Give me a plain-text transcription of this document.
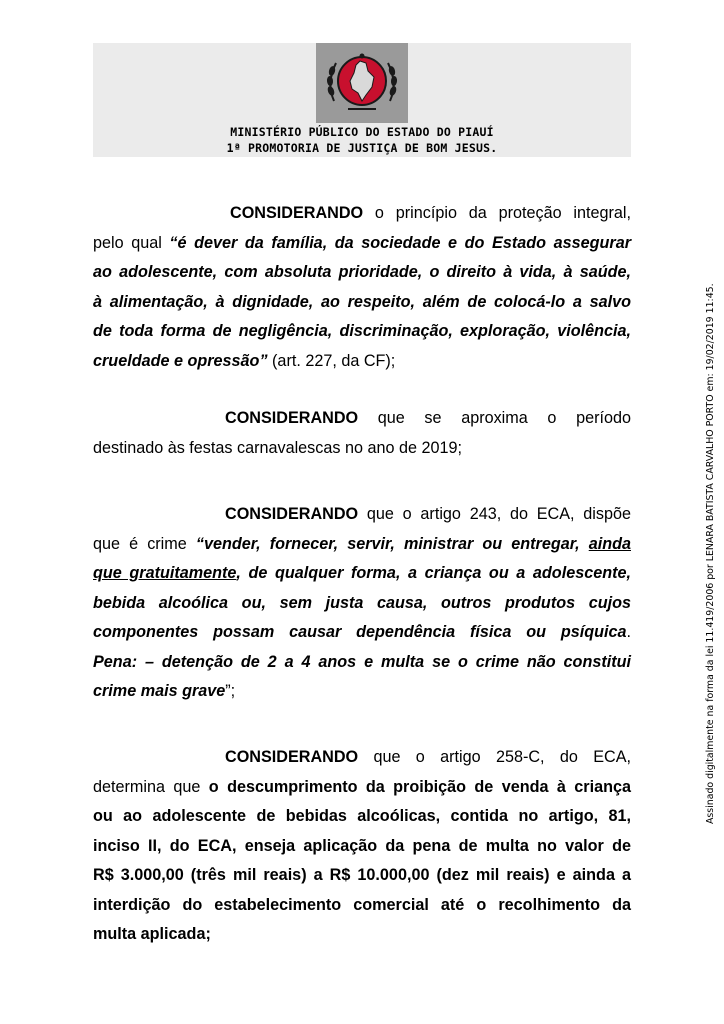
MINISTÉRIO PÚBLICO DO ESTADO DO PIAUÍ
1ª PROMOTORIA DE JUSTIÇA DE BOM JESUS.
Assinado digitalmente na forma da lei 11.419/2006 por LENARA BATISTA CARVALHO PORTO em: 19/02/2019 11:45.
CONSIDERANDO o princípio da proteção integral,
pelo qual “é dever da família, da sociedade e do Estado assegurar
ao adolescente, com absoluta prioridade, o direito à vida, à saúde,
à alimentação, à dignidade, ao respeito, além de colocá-lo a salvo
de toda forma de negligência, discriminação, exploração, violência,
crueldade e opressão” (art. 227, da CF);
CONSIDERANDO que se aproxima o período
destinado às festas carnavalescas no ano de 2019;
CONSIDERANDO que o artigo 243, do ECA, dispõe
que é crime “vender, fornecer, servir, ministrar ou entregar, ainda
que gratuitamente, de qualquer forma, a criança ou a adolescente,
bebida alcoólica ou, sem justa causa, outros produtos cujos
componentes possam causar dependência física ou psíquica.
Pena: – detenção de 2 a 4 anos e multa se o crime não constitui
crime mais grave”;
CONSIDERANDO que o artigo 258-C, do ECA,
determina que o descumprimento da proibição de venda à criança
ou ao adolescente de bebidas alcoólicas, contida no artigo, 81,
inciso II, do ECA, enseja aplicação da pena de multa no valor de
R$ 3.000,00 (três mil reais) a R$ 10.000,00 (dez mil reais) e ainda a
interdição do estabelecimento comercial até o recolhimento da
multa aplicada;
